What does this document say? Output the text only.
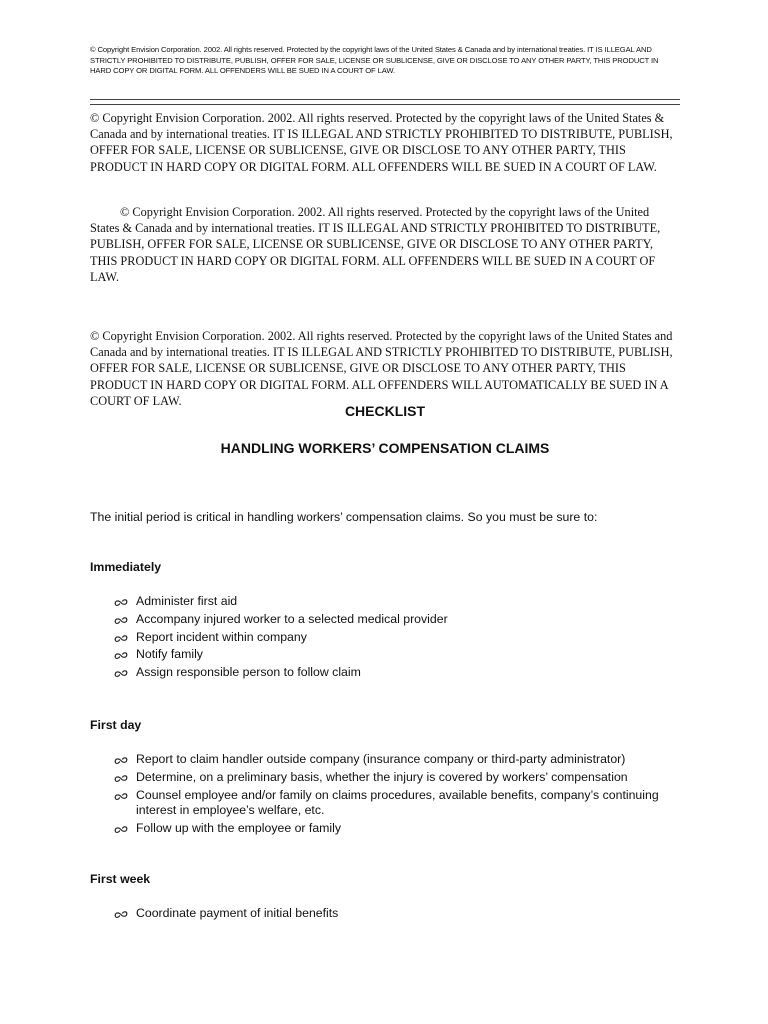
© Copyright Envision Corporation. 2002. All rights reserved. Protected by the copyright laws of the United States & Canada and by international treaties. IT IS ILLEGAL AND STRICTLY PROHIBITED TO DISTRIBUTE, PUBLISH, OFFER FOR SALE, LICENSE OR SUBLICENSE, GIVE OR DISCLOSE TO ANY OTHER PARTY, THIS PRODUCT IN HARD COPY OR DIGITAL FORM. ALL OFFENDERS WILL BE SUED IN A COURT OF LAW.

© Copyright Envision Corporation. 2002. All rights reserved. Protected by the copyright laws of the United States & Canada and by international treaties. IT IS ILLEGAL AND STRICTLY PROHIBITED TO DISTRIBUTE, PUBLISH, OFFER FOR SALE, LICENSE OR SUBLICENSE, GIVE OR DISCLOSE TO ANY OTHER PARTY, THIS PRODUCT IN HARD COPY OR DIGITAL FORM. ALL OFFENDERS WILL BE SUED IN A COURT OF LAW.

© Copyright Envision Corporation. 2002. All rights reserved. Protected by the copyright laws of the United States & Canada and by international treaties. IT IS ILLEGAL AND STRICTLY PROHIBITED TO DISTRIBUTE, PUBLISH, OFFER FOR SALE, LICENSE OR SUBLICENSE, GIVE OR DISCLOSE TO ANY OTHER PARTY, THIS PRODUCT IN HARD COPY OR DIGITAL FORM. ALL OFFENDERS WILL BE SUED IN A COURT OF LAW.

© Copyright Envision Corporation. 2002. All rights reserved. Protected by the copyright laws of the United States and Canada and by international treaties. IT IS ILLEGAL AND STRICTLY PROHIBITED TO DISTRIBUTE, PUBLISH, OFFER FOR SALE, LICENSE OR SUBLICENSE, GIVE OR DISCLOSE TO ANY OTHER PARTY, THIS PRODUCT IN HARD COPY OR DIGITAL FORM. ALL OFFENDERS WILL AUTOMATICALLY BE SUED IN A COURT OF LAW.

CHECKLIST
HANDLING WORKERS’ COMPENSATION CLAIMS

The initial period is critical in handling workers’ compensation claims. So you must be sure to:

Immediately

Administer first aid
Accompany injured worker to a selected medical provider
Report incident within company
Notify family
Assign responsible person to follow claim

First day

Report to claim handler outside company (insurance company or third-party administrator)
Determine, on a preliminary basis, whether the injury is covered by workers’ compensation
Counsel employee and/or family on claims procedures, available benefits, company’s continuing interest in employee’s welfare, etc.
Follow up with the employee or family

First week

Coordinate payment of initial benefits
